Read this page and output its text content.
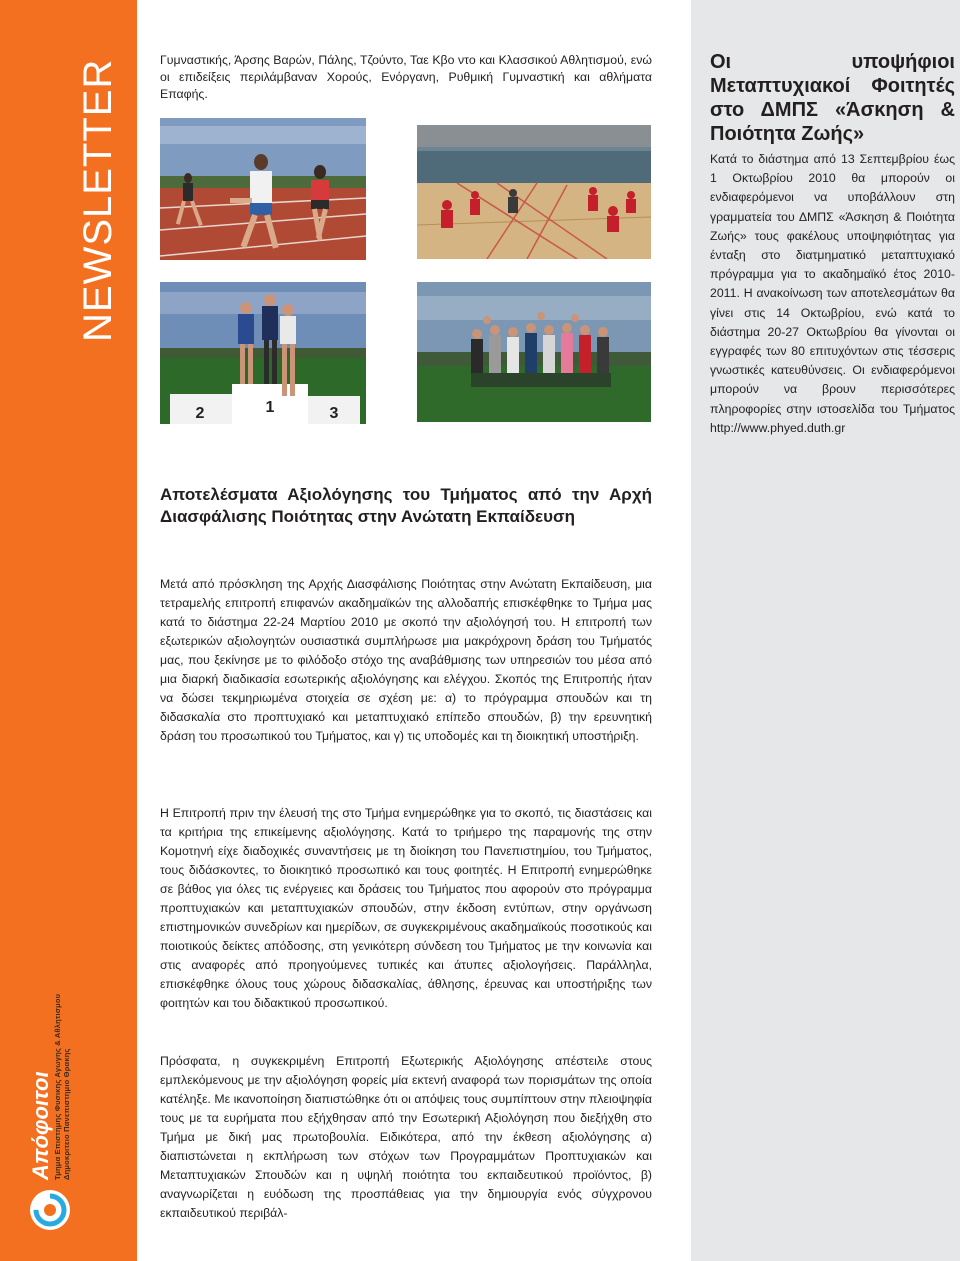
NEWSLETTER
Απόφοιτοι Τμημα Επιστημης Φυσικης Αγωγης & Αθλητισμου Δημοκριτειο Πανεπιστημιο Θρακης
Οι υποψήφιοι Μεταπτυχιακοί Φοιτητές στο ΔΜΠΣ «Άσκηση & Ποιότητα Ζωής»

Κατά το διάστημα από 13 Σεπτεμβρίου έως 1 Οκτωβρίου 2010 θα μπορούν οι ενδιαφερόμενοι να υποβάλλουν στη γραμματεία του ΔΜΠΣ «Άσκηση & Ποιότητα Ζωής» τους φακέλους υποψηφιότητας για ένταξη στο διατμηματικό μεταπτυχιακό πρόγραμμα για το ακαδημαϊκό έτος 2010-2011. Η ανακοίνωση των αποτελεσμάτων θα γίνει στις 14 Οκτωβρίου, ενώ κατά το διάστημα 20-27 Οκτωβρίου θα γίνονται οι εγγραφές των 80 επιτυχόντων στις τέσσερις γνωστικές κατευθύνσεις. Οι ενδιαφερόμενοι μπορούν να βρουν περισσότερες πληροφορίες στην ιστοσελίδα του Τμήματος http://www.phyed.duth.gr

Γυμναστικής, Άρσης Βαρών, Πάλης, Τζούντο, Ταε Κβο ντο και Κλασσικού Αθλητισμού, ενώ οι επιδείξεις περιλάμβαναν Χορούς, Ενόργανη, Ρυθμική Γυμναστική και αθλήματα Επαφής.

2	1	3
Αποτελέσματα Αξιολόγησης του Τμήματος από την Αρχή Διασφάλισης Ποιότητας στην Ανώτατη Εκπαίδευση

Μετά από πρόσκληση της Αρχής Διασφάλισης Ποιότητας στην Ανώτατη Εκπαίδευση, μια τετραμελής επιτροπή επιφανών ακαδημαϊκών της αλλοδαπής επισκέφθηκε το Τμήμα μας κατά το διάστημα 22-24 Μαρτίου 2010 με σκοπό την αξιολόγησή του. Η επιτροπή των εξωτερικών αξιολογητών ουσιαστικά συμπλήρωσε μια μακρόχρονη δράση του Τμήματός μας, που ξεκίνησε με το φιλόδοξο στόχο της αναβάθμισης των υπηρεσιών του μέσα από μια διαρκή διαδικασία εσωτερικής αξιολόγησης και ελέγχου. Σκοπός της Επιτροπής ήταν να δώσει τεκμηριωμένα στοιχεία σε σχέση με: α) το πρόγραμμα σπουδών και τη διδασκαλία στο προπτυχιακό και μεταπτυχιακό επίπεδο σπουδών, β) την ερευνητική δράση του προσωπικού του Τμήματος, και γ) τις υποδομές και τη διοικητική υποστήριξη.

Η Επιτροπή πριν την έλευσή της στο Τμήμα ενημερώθηκε για το σκοπό, τις διαστάσεις και τα κριτήρια της επικείμενης αξιολόγησης. Κατά το τριήμερο της παραμονής της στην Κομοτηνή είχε διαδοχικές συναντήσεις με τη διοίκηση του Πανεπιστημίου, του Τμήματος, τους διδάσκοντες, το διοικητικό προσωπικό και τους φοιτητές. Η Επιτροπή ενημερώθηκε σε βάθος για όλες τις ενέργειες και δράσεις του Τμήματος που αφορούν στο πρόγραμμα προπτυχιακών και μεταπτυχιακών σπουδών, στην έκδοση εντύπων, στην οργάνωση επιστημονικών συνεδρίων και ημερίδων, σε συγκεκριμένους ακαδημαϊκούς ποσοτικούς και ποιοτικούς δείκτες απόδοσης, στη γενικότερη σύνδεση του Τμήματος με την κοινωνία και στις αναφορές από προηγούμενες τυπικές και άτυπες αξιολογήσεις. Παράλληλα, επισκέφθηκε όλους τους χώρους διδασκαλίας, άθλησης, έρευνας και υποστήριξης των φοιτητών και του διδακτικού προσωπικού.

Πρόσφατα, η συγκεκριμένη Επιτροπή Εξωτερικής Αξιολόγησης απέστειλε στους εμπλεκόμενους με την αξιολόγηση φορείς μία εκτενή αναφορά των πορισμάτων της οποία κατέληξε. Με ικανοποίηση διαπιστώθηκε ότι οι απόψεις τους συμπίπτουν στην πλειοψηφία τους με τα ευρήματα που εξήχθησαν από την Εσωτερική Αξιολόγηση που διεξήχθη στο Τμήμα με δική μας πρωτοβουλία. Ειδικότερα, από την έκθεση αξιολόγησης α) διαπιστώνεται η εκπλήρωση των στόχων των Προγραμμάτων Προπτυχιακών και Μεταπτυχιακών Σπουδών και η υψηλή ποιότητα του εκπαιδευτικού προϊόντος, β) αναγνωρίζεται η ευόδωση της προσπάθειας για την δημιουργία ενός σύγχρονου εκπαιδευτικού περιβάλ-
